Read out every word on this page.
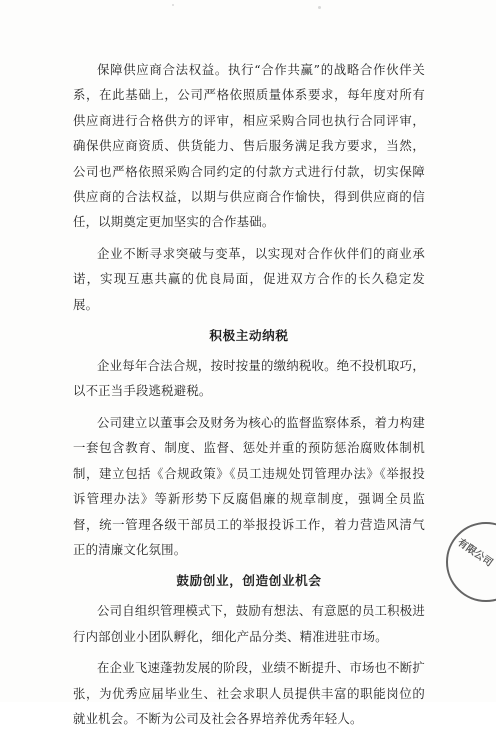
保障供应商合法权益。执行“合作共赢”的战略合作伙伴关系，在此基础上，公司严格依照质量体系要求，每年度对所有供应商进行合格供方的评审，相应采购合同也执行合同评审，确保供应商资质、供货能力、售后服务满足我方要求，当然，公司也严格依照采购合同约定的付款方式进行付款，切实保障供应商的合法权益，以期与供应商合作愉快，得到供应商的信任，以期奠定更加坚实的合作基础。

企业不断寻求突破与变革，以实现对合作伙伴们的商业承诺，实现互惠共赢的优良局面，促进双方合作的长久稳定发展。

积极主动纳税

企业每年合法合规，按时按量的缴纳税收。绝不投机取巧，以不正当手段逃税避税。

公司建立以董事会及财务为核心的监督监察体系，着力构建一套包含教育、制度、监督、惩处并重的预防惩治腐败体制机制，建立包括《合规政策》《员工违规处罚管理办法》《举报投诉管理办法》等新形势下反腐倡廉的规章制度，强调全员监督，统一管理各级干部员工的举报投诉工作，着力营造风清气正的清廉文化氛围。

鼓励创业，创造创业机会

公司自组织管理模式下，鼓励有想法、有意愿的员工积极进行内部创业小团队孵化，细化产品分类、精准进驻市场。

在企业飞速蓬勃发展的阶段，业绩不断提升、市场也不断扩张，为优秀应届毕业生、社会求职人员提供丰富的职能岗位的就业机会。不断为公司及社会各界培养优秀年轻人。

有限公司
